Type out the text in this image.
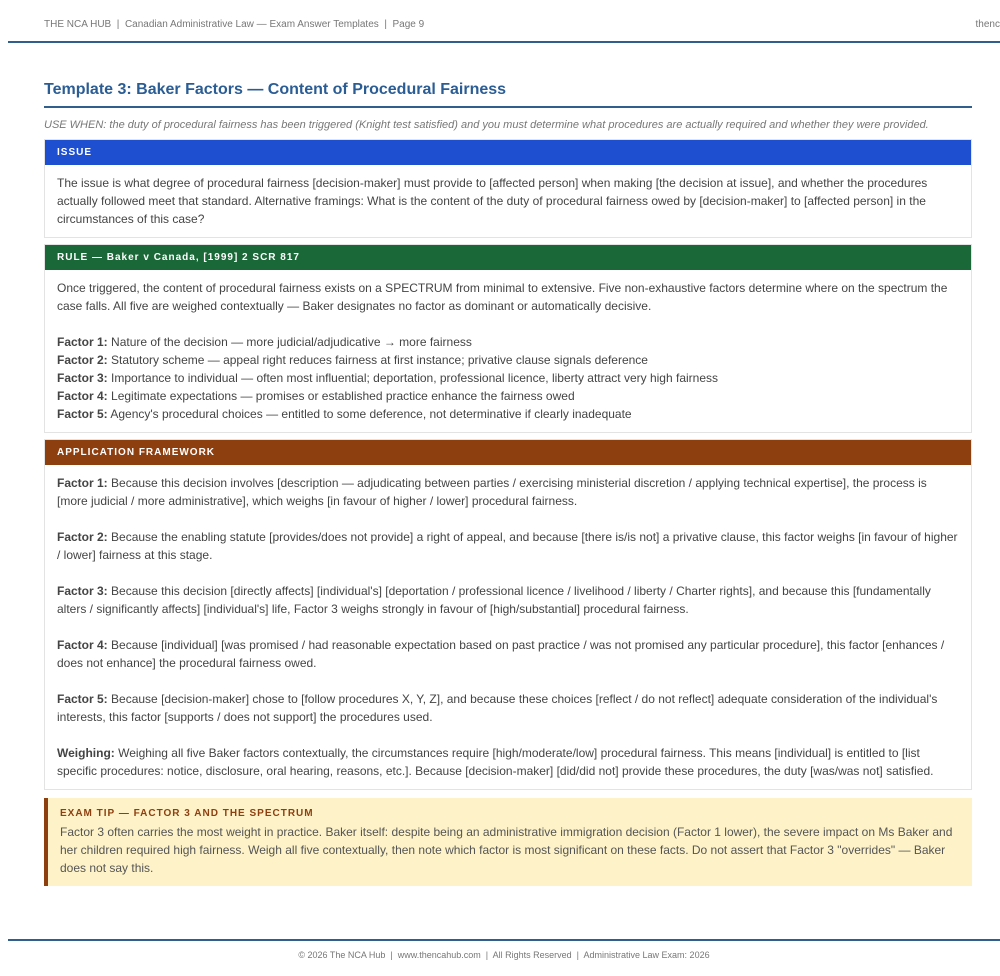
THE NCA HUB  |  Canadian Administrative Law — Exam Answer Templates  |  Page 9	thenc
Template 3: Baker Factors — Content of Procedural Fairness
USE WHEN: the duty of procedural fairness has been triggered (Knight test satisfied) and you must determine what procedures are actually required and whether they were provided.
ISSUE

The issue is what degree of procedural fairness [decision-maker] must provide to [affected person] when making [the decision at issue], and whether the procedures actually followed meet that standard. Alternative framings: What is the content of the duty of procedural fairness owed by [decision-maker] to [affected person] in the circumstances of this case?

RULE — Baker v Canada, [1999] 2 SCR 817

Once triggered, the content of procedural fairness exists on a SPECTRUM from minimal to extensive. Five non-exhaustive factors determine where on the spectrum the case falls. All five are weighed contextually — Baker designates no factor as dominant or automatically decisive.

Factor 1: Nature of the decision — more judicial/adjudicative → more fairness
Factor 2: Statutory scheme — appeal right reduces fairness at first instance; privative clause signals deference
Factor 3: Importance to individual — often most influential; deportation, professional licence, liberty attract very high fairness
Factor 4: Legitimate expectations — promises or established practice enhance the fairness owed
Factor 5: Agency's procedural choices — entitled to some deference, not determinative if clearly inadequate
APPLICATION FRAMEWORK

Factor 1: Because this decision involves [description — adjudicating between parties / exercising ministerial discretion / applying technical expertise], the process is [more judicial / more administrative], which weighs [in favour of higher / lower] procedural fairness.

Factor 2: Because the enabling statute [provides/does not provide] a right of appeal, and because [there is/is not] a privative clause, this factor weighs [in favour of higher / lower] fairness at this stage.

Factor 3: Because this decision [directly affects] [individual's] [deportation / professional licence / livelihood / liberty / Charter rights], and because this [fundamentally alters / significantly affects] [individual's] life, Factor 3 weighs strongly in favour of [high/substantial] procedural fairness.

Factor 4: Because [individual] [was promised / had reasonable expectation based on past practice / was not promised any particular procedure], this factor [enhances / does not enhance] the procedural fairness owed.

Factor 5: Because [decision-maker] chose to [follow procedures X, Y, Z], and because these choices [reflect / do not reflect] adequate consideration of the individual's interests, this factor [supports / does not support] the procedures used.

Weighing: Weighing all five Baker factors contextually, the circumstances require [high/moderate/low] procedural fairness. This means [individual] is entitled to [list specific procedures: notice, disclosure, oral hearing, reasons, etc.]. Because [decision-maker] [did/did not] provide these procedures, the duty [was/was not] satisfied.

EXAM TIP — FACTOR 3 AND THE SPECTRUM
Factor 3 often carries the most weight in practice. Baker itself: despite being an administrative immigration decision (Factor 1 lower), the severe impact on Ms Baker and her children required high fairness. Weigh all five contextually, then note which factor is most significant on these facts. Do not assert that Factor 3 "overrides" — Baker does not say this.
© 2026 The NCA Hub  |  www.thencahub.com  |  All Rights Reserved  |  Administrative Law Exam: 2026
